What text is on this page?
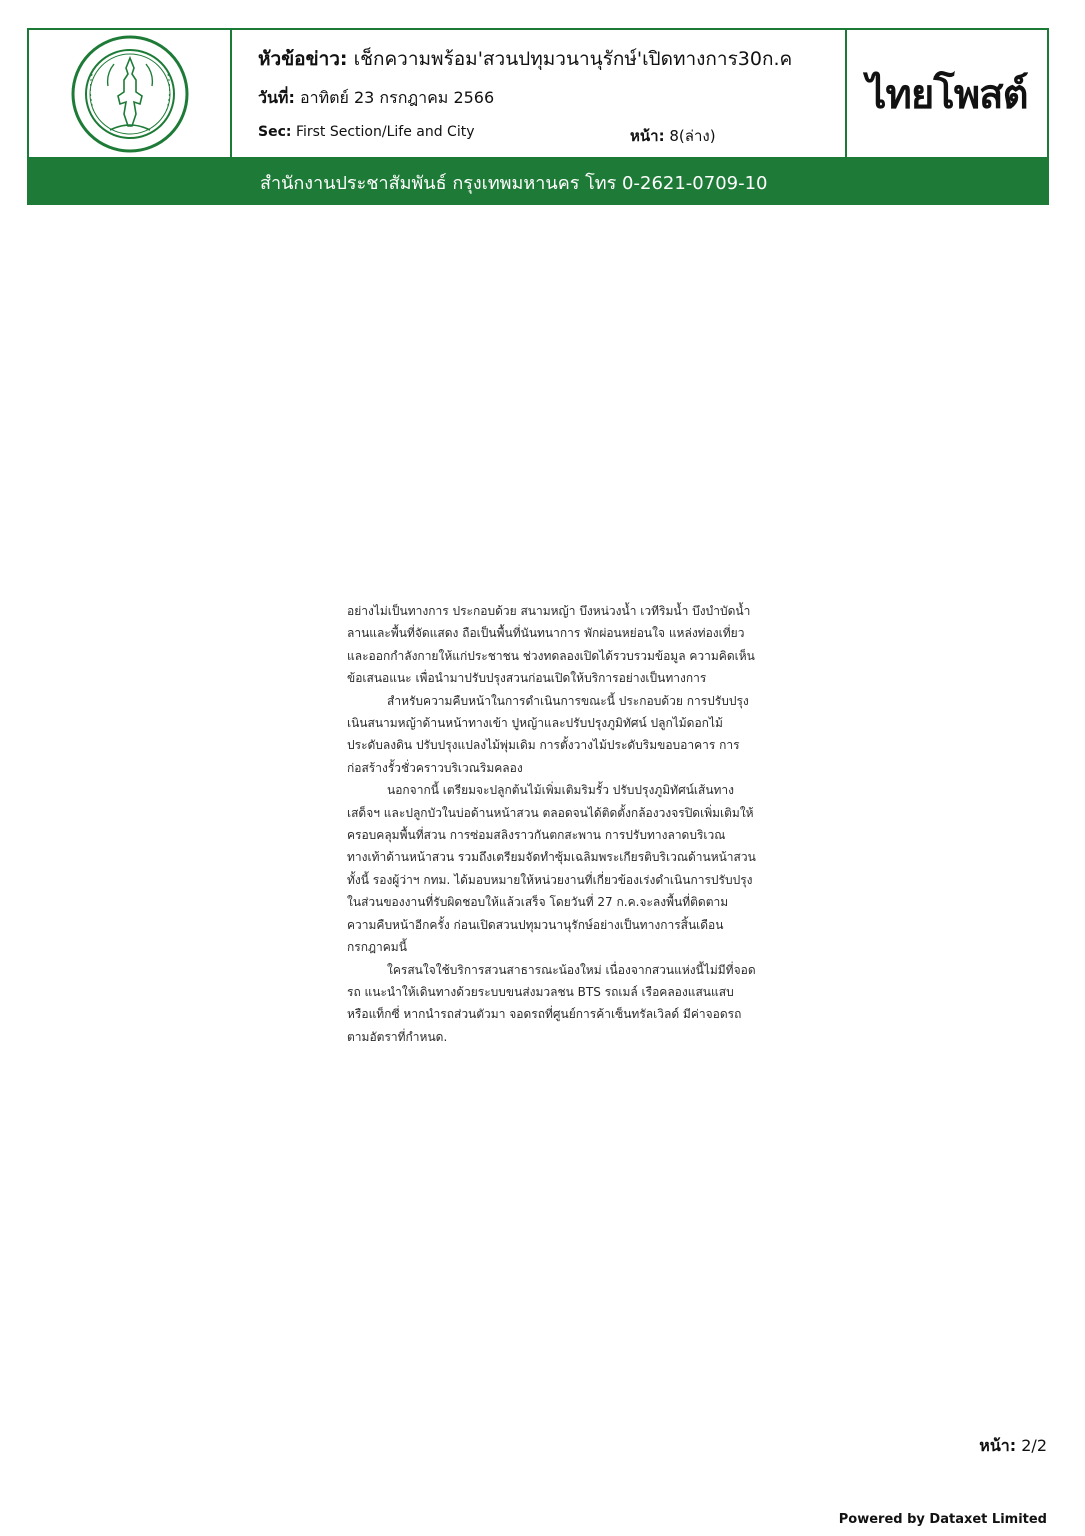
หัวข้อข่าว: เช็กความพร้อม'สวนปทุมวนานุรักษ์'เปิดทางการ30ก.ค
วันที่: อาทิตย์ 23 กรกฎาคม 2566
Sec: First Section/Life and City	หน้า: 8(ล่าง)
ไทยโพสต์
สำนักงานประชาสัมพันธ์ กรุงเทพมหานคร โทร 0-2621-0709-10

อย่างไม่เป็นทางการ ประกอบด้วย สนามหญ้า บึงหน่วงน้ำ เวทีริมน้ำ บึงบำบัดน้ำ ลานและพื้นที่จัดแสดง ถือเป็นพื้นที่นันทนาการ พักผ่อนหย่อนใจ แหล่งท่องเที่ยว และออกกำลังกายให้แก่ประชาชน ช่วงทดลองเปิดได้รวบรวมข้อมูล ความคิดเห็น ข้อเสนอแนะ เพื่อนำมาปรับปรุงสวนก่อนเปิดให้บริการอย่างเป็นทางการ

สำหรับความคืบหน้าในการดำเนินการขณะนี้ ประกอบด้วย การปรับปรุงเนินสนามหญ้าด้านหน้าทางเข้า ปูหญ้าและปรับปรุงภูมิทัศน์ ปลูกไม้ดอกไม้ประดับลงดิน ปรับปรุงแปลงไม้พุ่มเดิม การตั้งวางไม้ประดับริมขอบอาคาร การก่อสร้างรั้วชั่วคราวบริเวณริมคลอง

นอกจากนี้ เตรียมจะปลูกต้นไม้เพิ่มเติมริมรั้ว ปรับปรุงภูมิทัศน์เส้นทางเสด็จฯ และปลูกบัวในบ่อด้านหน้าสวน ตลอดจนได้ติดตั้งกล้องวงจรปิดเพิ่มเติมให้ครอบคลุมพื้นที่สวน การซ่อมสลิงราวกันตกสะพาน การปรับทางลาดบริเวณทางเท้าด้านหน้าสวน รวมถึงเตรียมจัดทำซุ้มเฉลิมพระเกียรติบริเวณด้านหน้าสวน ทั้งนี้ รองผู้ว่าฯ กทม. ได้มอบหมายให้หน่วยงานที่เกี่ยวข้องเร่งดำเนินการปรับปรุงในส่วนของงานที่รับผิดชอบให้แล้วเสร็จ โดยวันที่ 27 ก.ค.จะลงพื้นที่ติดตามความคืบหน้าอีกครั้ง ก่อนเปิดสวนปทุมวนานุรักษ์อย่างเป็นทางการสิ้นเดือนกรกฎาคมนี้

ใครสนใจใช้บริการสวนสาธารณะน้องใหม่ เนื่องจากสวนแห่งนี้ไม่มีที่จอดรถ แนะนำให้เดินทางด้วยระบบขนส่งมวลชน BTS รถเมล์ เรือคลองแสนแสบ หรือแท็กซี่ หากนำรถส่วนตัวมา จอดรถที่ศูนย์การค้าเซ็นทรัลเวิลด์ มีค่าจอดรถตามอัตราที่กำหนด.

หน้า: 2/2
Powered by Dataxet Limited
